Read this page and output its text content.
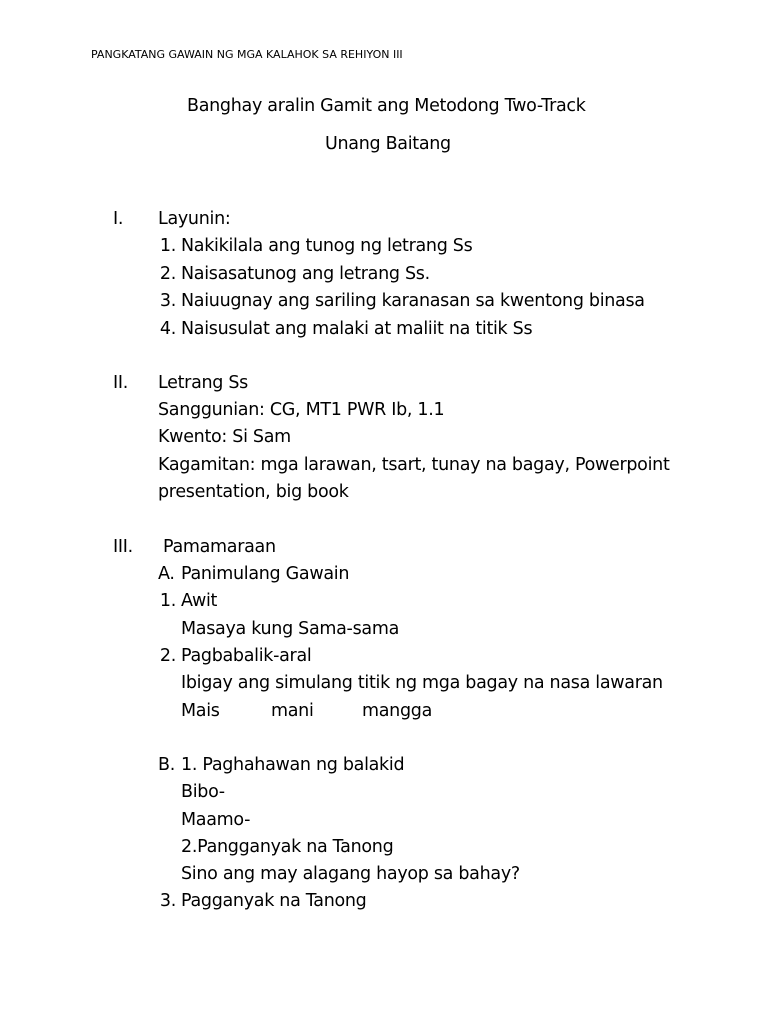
PANGKATANG GAWAIN NG MGA KALAHOK SA REHIYON III
Banghay aralin Gamit ang Metodong Two-Track
Unang Baitang
I. Layunin:
1. Nakikilala ang tunog ng letrang Ss
2. Naisasatunog ang letrang Ss.
3. Naiuugnay ang sariling karanasan sa kwentong binasa
4. Naisusulat ang malaki at maliit na titik Ss
II. Letrang Ss
Sanggunian: CG, MT1 PWR Ib, 1.1
Kwento: Si Sam
Kagamitan: mga larawan, tsart, tunay na bagay, Powerpoint
presentation, big book
III. Pamamaraan
A. Panimulang Gawain
1. Awit
Masaya kung Sama-sama
2. Pagbabalik-aral
Ibigay ang simulang titik ng mga bagay na nasa lawaran
Mais	mani	mangga
B. 1. Paghahawan ng balakid
Bibo-
Maamo-
2.Pangganyak na Tanong
Sino ang may alagang hayop sa bahay?
3. Pagganyak na Tanong
